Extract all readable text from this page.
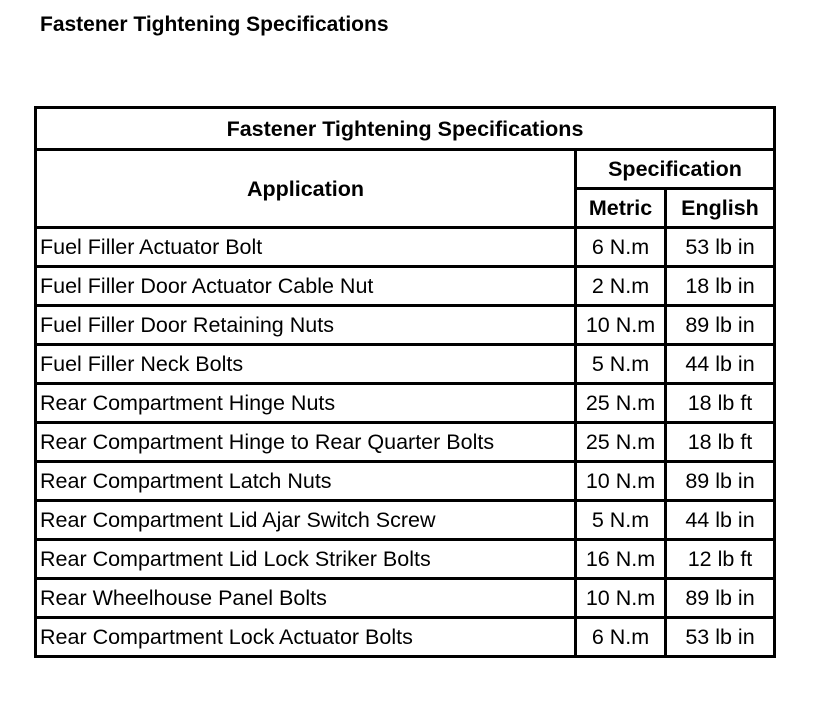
Fastener Tightening Specifications
Fastener Tightening Specifications		
Application	Specification	
	Metric	English
Fuel Filler Actuator Bolt	6 N.m	53 lb in
Fuel Filler Door Actuator Cable Nut	2 N.m	18 lb in
Fuel Filler Door Retaining Nuts	10 N.m	89 lb in
Fuel Filler Neck Bolts	5 N.m	44 lb in
Rear Compartment Hinge Nuts	25 N.m	18 lb ft
Rear Compartment Hinge to Rear Quarter Bolts	25 N.m	18 lb ft
Rear Compartment Latch Nuts	10 N.m	89 lb in
Rear Compartment Lid Ajar Switch Screw	5 N.m	44 lb in
Rear Compartment Lid Lock Striker Bolts	16 N.m	12 lb ft
Rear Wheelhouse Panel Bolts	10 N.m	89 lb in
Rear Compartment Lock Actuator Bolts	6 N.m	53 lb in
